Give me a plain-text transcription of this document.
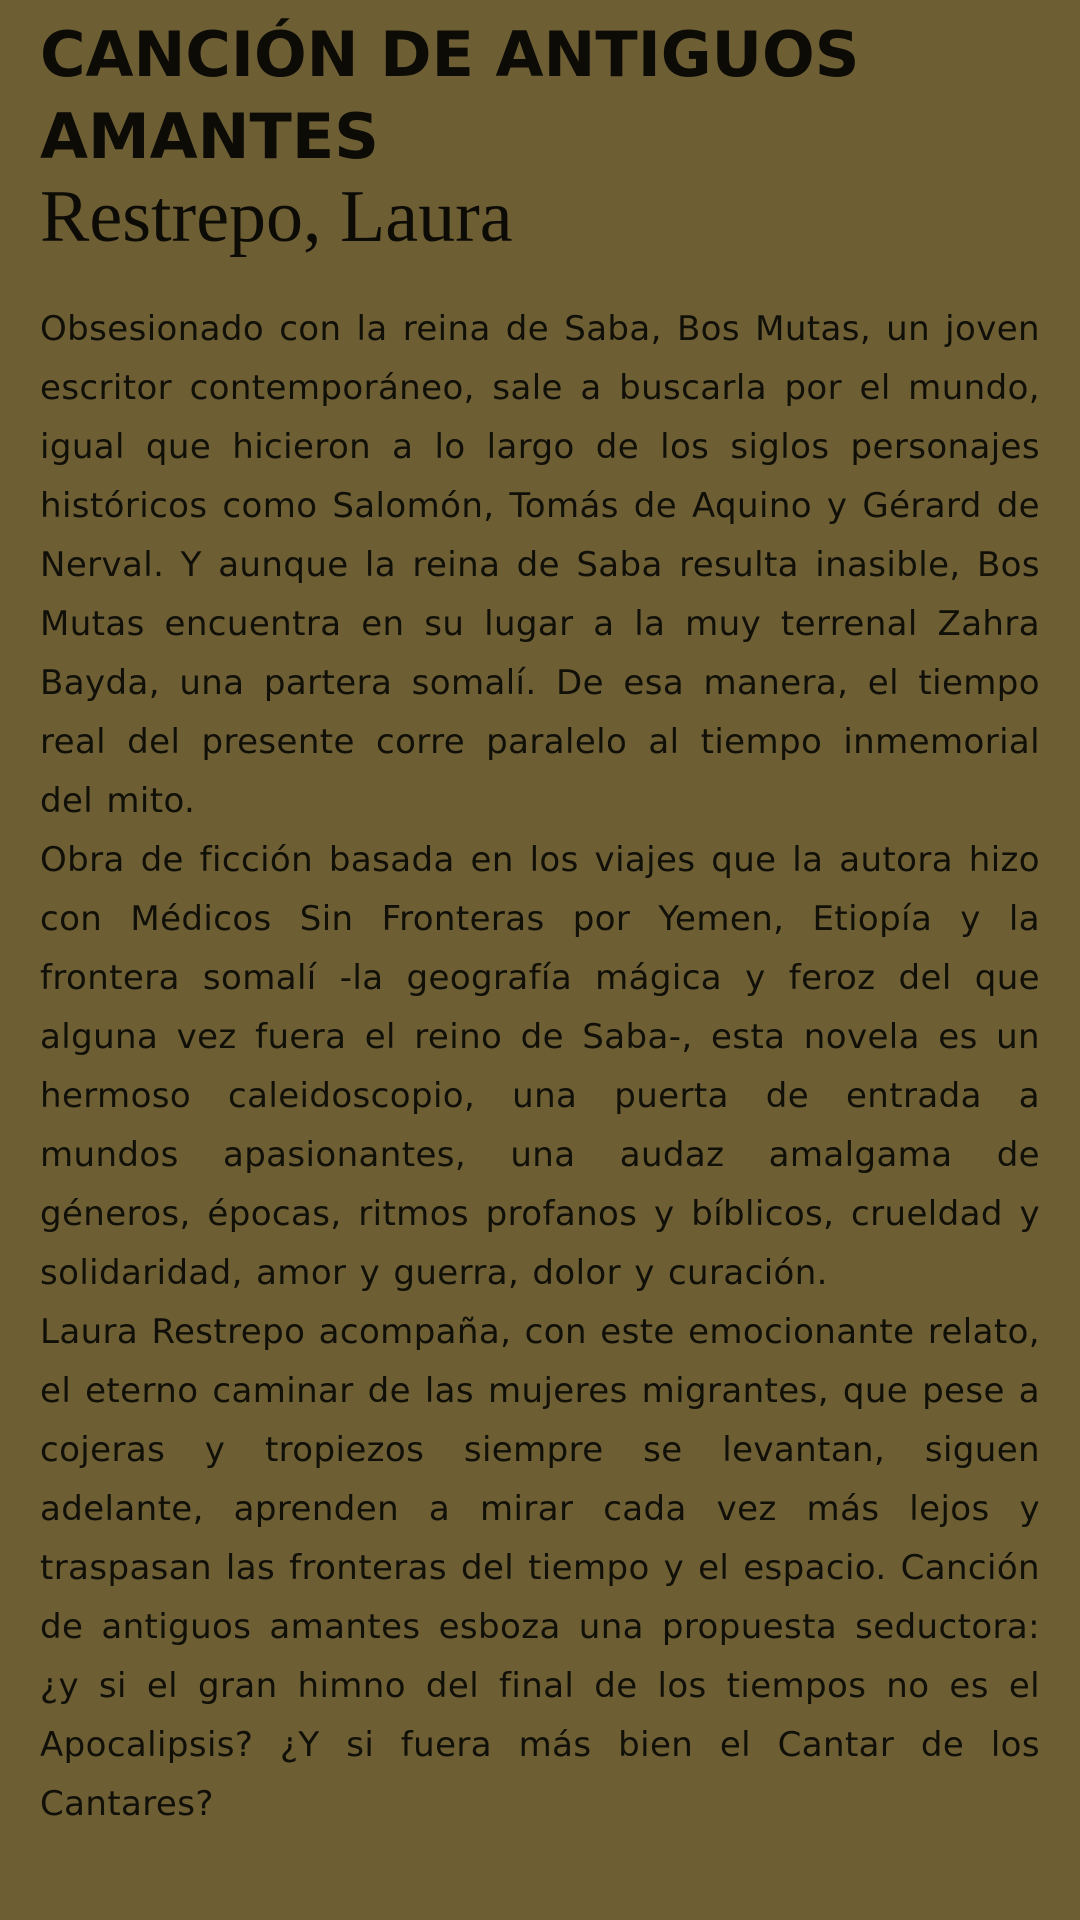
CANCIÓN DE ANTIGUOS AMANTES
Restrepo, Laura

Obsesionado con la reina de Saba, Bos Mutas, un joven escritor contemporáneo, sale a buscarla por el mundo, igual que hicieron a lo largo de los siglos personajes históricos como Salomón, Tomás de Aquino y Gérard de Nerval. Y aunque la reina de Saba resulta inasible, Bos Mutas encuentra en su lugar a la muy terrenal Zahra Bayda, una partera somalí. De esa manera, el tiempo real del presente corre paralelo al tiempo inmemorial del mito.

Obra de ficción basada en los viajes que la autora hizo con Médicos Sin Fronteras por Yemen, Etiopía y la frontera somalí -la geografía mágica y feroz del que alguna vez fuera el reino de Saba-, esta novela es un hermoso caleidoscopio, una puerta de entrada a mundos apasionantes, una audaz amalgama de géneros, épocas, ritmos profanos y bíblicos, crueldad y solidaridad, amor y guerra, dolor y curación.

Laura Restrepo acompaña, con este emocionante relato, el eterno caminar de las mujeres migrantes, que pese a cojeras y tropiezos siempre se levantan, siguen adelante, aprenden a mirar cada vez más lejos y traspasan las fronteras del tiempo y el espacio. Canción de antiguos amantes esboza una propuesta seductora: ¿y si el gran himno del final de los tiempos no es el Apocalipsis? ¿Y si fuera más bien el Cantar de los Cantares?
